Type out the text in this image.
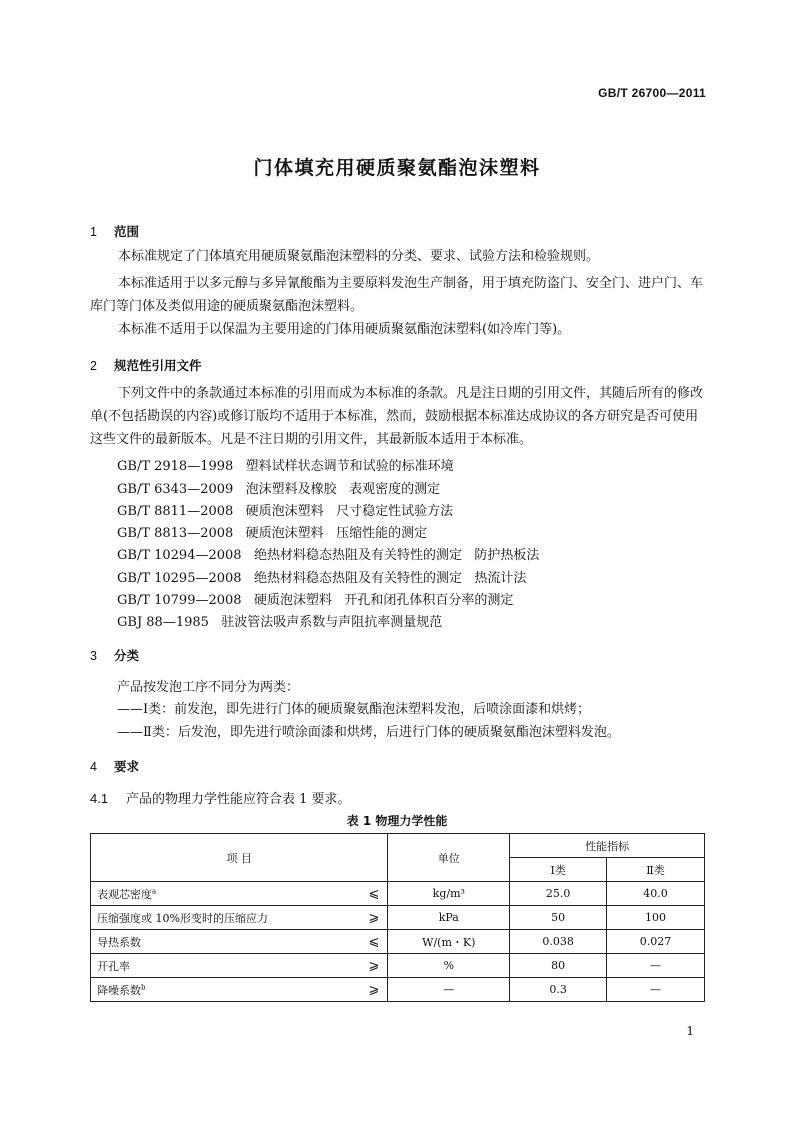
GB/T 26700—2011
门体填充用硬质聚氨酯泡沫塑料
1 范围
本标准规定了门体填充用硬质聚氨酯泡沫塑料的分类、要求、试验方法和检验规则。
本标准适用于以多元醇与多异氰酸酯为主要原料发泡生产制备，用于填充防盗门、安全门、进户门、车库门等门体及类似用途的硬质聚氨酯泡沫塑料。
本标准不适用于以保温为主要用途的门体用硬质聚氨酯泡沫塑料(如冷库门等)。
2 规范性引用文件
下列文件中的条款通过本标准的引用而成为本标准的条款。凡是注日期的引用文件，其随后所有的修改单(不包括勘误的内容)或修订版均不适用于本标准，然而，鼓励根据本标准达成协议的各方研究是否可使用这些文件的最新版本。凡是不注日期的引用文件，其最新版本适用于本标准。
GB/T 2918—1998   塑料试样状态调节和试验的标准环境
GB/T 6343—2009   泡沫塑料及橡胶   表观密度的测定
GB/T 8811—2008   硬质泡沫塑料   尺寸稳定性试验方法
GB/T 8813—2008   硬质泡沫塑料   压缩性能的测定
GB/T 10294—2008   绝热材料稳态热阻及有关特性的测定   防护热板法
GB/T 10295—2008   绝热材料稳态热阻及有关特性的测定   热流计法
GB/T 10799—2008   硬质泡沫塑料   开孔和闭孔体积百分率的测定
GBJ 88—1985   驻波管法吸声系数与声阻抗率测量规范
3 分类
产品按发泡工序不同分为两类：
——Ⅰ类：前发泡，即先进行门体的硬质聚氨酯泡沫塑料发泡，后喷涂面漆和烘烤；
——Ⅱ类：后发泡，即先进行喷涂面漆和烘烤，后进行门体的硬质聚氨酯泡沫塑料发泡。
4 要求
4.1 产品的物理力学性能应符合表 1 要求。
表 1 物理力学性能
项 目	单位	性能指标	
		Ⅰ类	Ⅱ类
表观芯密度$^a$ ⩽	kg/m³	25.0	40.0
压缩强度或 10%形变时的压缩应力 ⩾	kPa	50	100
导热系数 ⩽	W/(m・K)	0.038	0.027
开孔率 ⩾	%	80	—
降噪系数$^b$ ⩾	—	0.3	—
1
